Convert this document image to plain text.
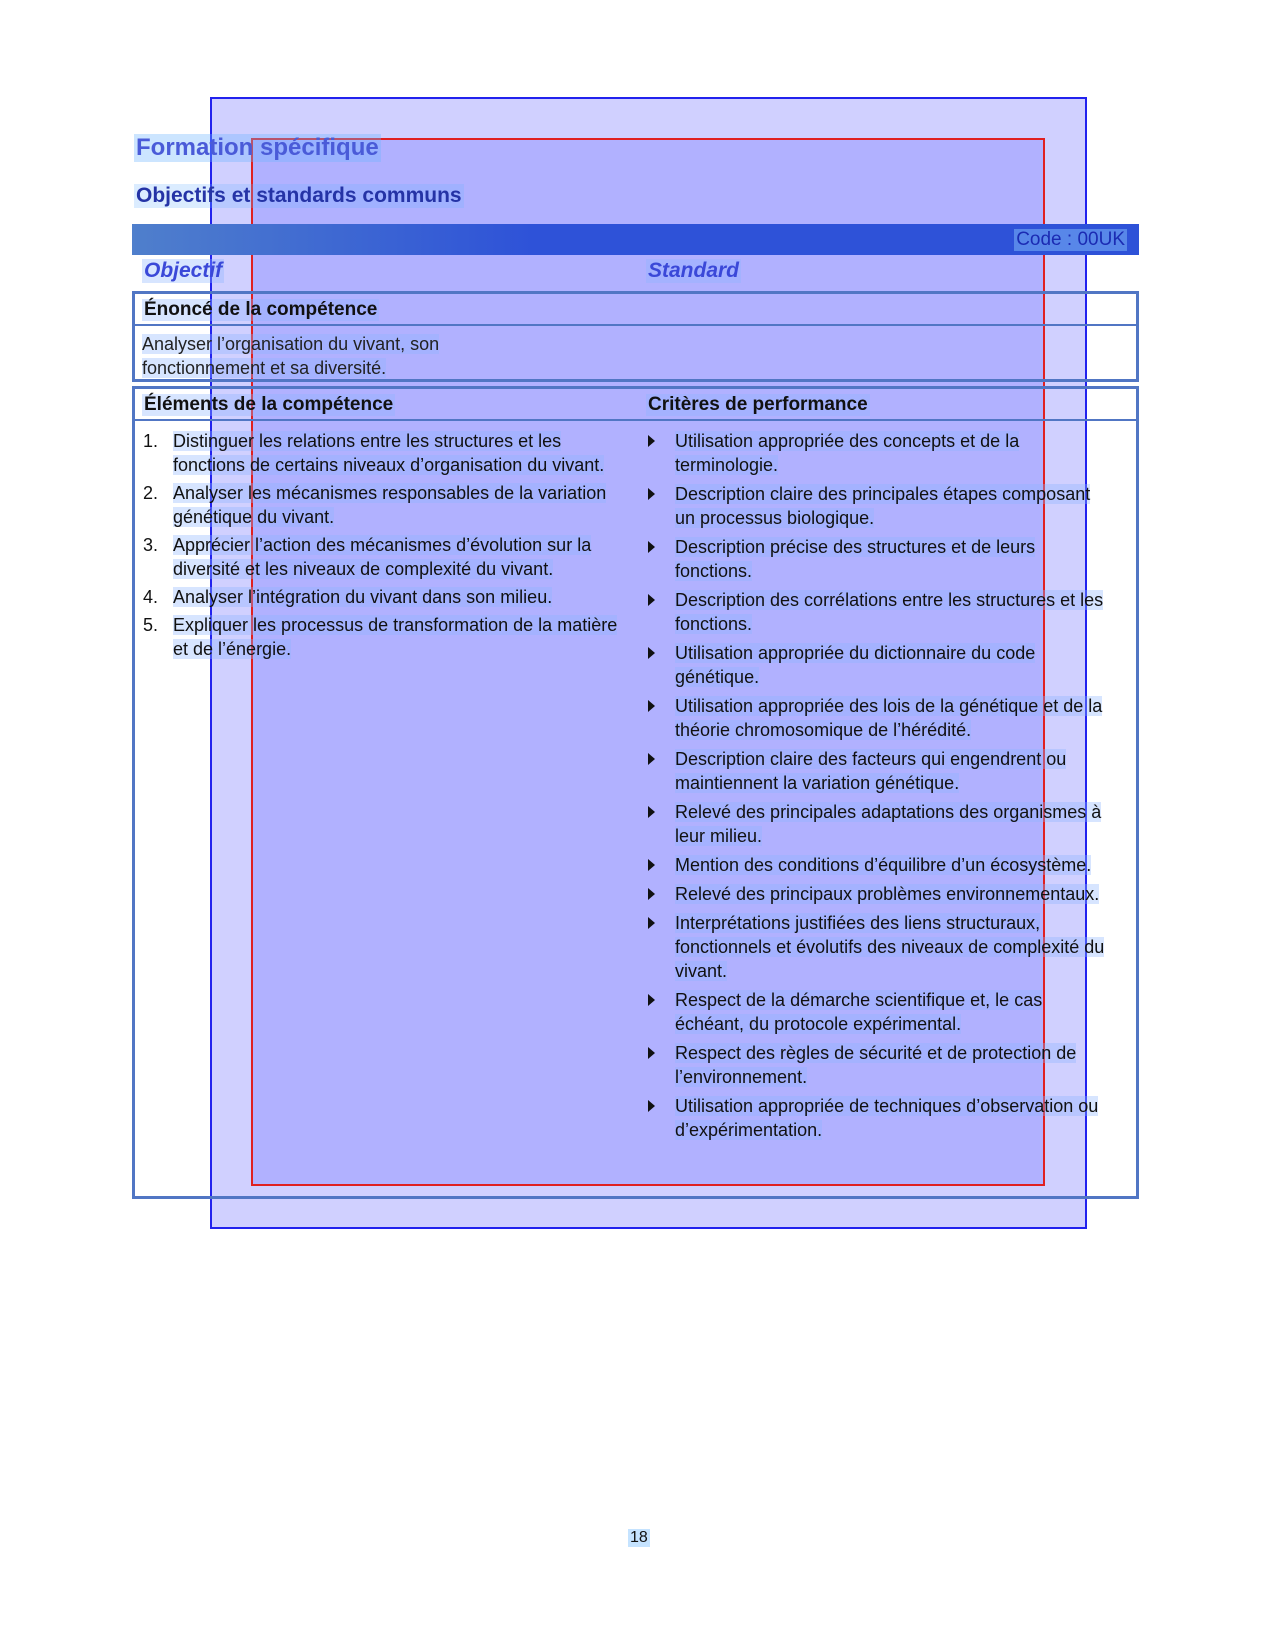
Formation spécifique
Objectifs et standards communs
Code : 00UK
Objectif	Standard
Énoncé de la compétence
Analyser l’organisation du vivant, son fonctionnement et sa diversité.
Éléments de la compétence	Critères de performance
1. Distinguer les relations entre les structures et les fonctions de certains niveaux d’organisation du vivant.
2. Analyser les mécanismes responsables de la variation génétique du vivant.
3. Apprécier l’action des mécanismes d’évolution sur la diversité et les niveaux de complexité du vivant.
4. Analyser l’intégration du vivant dans son milieu.
5. Expliquer les processus de transformation de la matière et de l’énergie.
Utilisation appropriée des concepts et de la terminologie.
Description claire des principales étapes composant un processus biologique.
Description précise des structures et de leurs fonctions.
Description des corrélations entre les structures et les fonctions.
Utilisation appropriée du dictionnaire du code génétique.
Utilisation appropriée des lois de la génétique et de la théorie chromosomique de l’hérédité.
Description claire des facteurs qui engendrent ou maintiennent la variation génétique.
Relevé des principales adaptations des organismes à leur milieu.
Mention des conditions d’équilibre d’un écosystème.
Relevé des principaux problèmes environnementaux.
Interprétations justifiées des liens structuraux, fonctionnels et évolutifs des niveaux de complexité du vivant.
Respect de la démarche scientifique et, le cas échéant, du protocole expérimental.
Respect des règles de sécurité et de protection de l’environnement.
Utilisation appropriée de techniques d’observation ou d’expérimentation.
18
